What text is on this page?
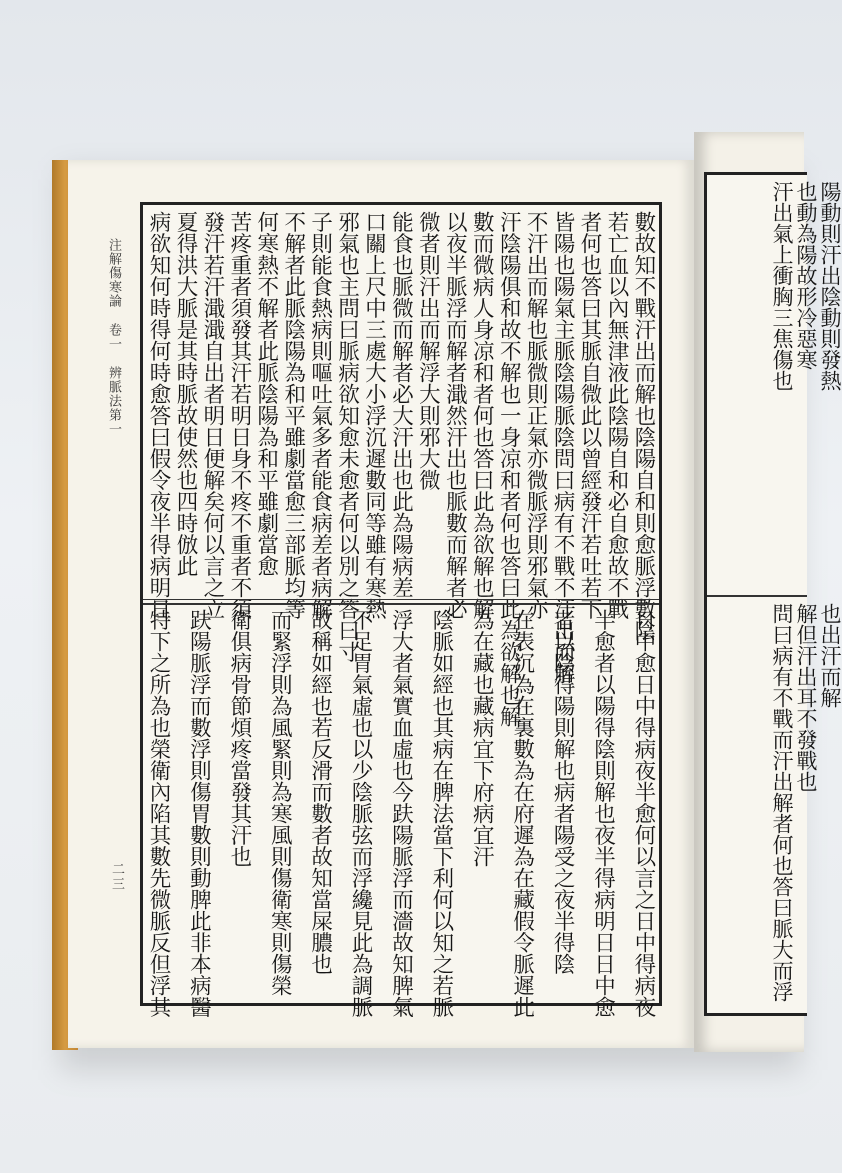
注解傷寒論 卷一 辨脈法第一
二三
數故知不戰汗出而解也陰陽自和則愈脈浮數陰
若亡血以內無津液此陰陽自和必自愈故不戰
者何也答曰其脈自微此以曾經發汗若吐若下
皆陽也陽氣主脈陰陽脈陰問曰病有不戰不汗出而解
不汗出而解也脈微則正氣亦微脈浮則邪氣亦
汗陰陽俱和故不解也一身凉和者何也答曰此為欲解也解
數而微病人身凉和者何也答曰此為欲解也解
以夜半脈浮而解者濈然汗出也脈數而解者必
微者則汗出而解浮大則邪大微
能食也脈微而解者必大汗出也此為陽病差
口關上尺中三處大小浮沉遲數同等雖有寒熱
邪氣也主問曰脈病欲知愈未愈者何以別之答曰寸
子則能食熱病則嘔吐氣多者能食病差者病解
不解者此脈陰陽為和平雖劇當愈三部脈均等
何寒熱不解者此脈陰陽為和平雖劇當愈
苦疼重者須發其汗若明日身不疼不重者不須
發汗若汗濈濈自出者明日便解矣何以言之立
夏得洪大脈是其時脈故使然也四時倣此
病欲知何時得何時愈答曰假令夜半得病明日
日中愈日中得病夜半愈何以言之日中得病夜
半愈者以陽得陰則解也夜半得病明日日中愈
者以陰得陽則解也病者陽受之夜半得陰
在表沉為在裏數為在府遲為在藏假令脈遲此
為在藏也藏病宜下府病宜汗
陰脈如經也其病在脾法當下利何以知之若脈
浮大者氣實血虛也今趺陽脈浮而濇故知脾氣
不足胃氣虛也以少陰脈弦而浮纔見此為調脈
故稱如經也若反滑而數者故知當屎膿也
而緊浮則為風緊則為寒風則傷衛寒則傷榮
衛俱病骨節煩疼當發其汗也
趺陽脈浮而數浮則傷胃數則動脾此非本病醫
特下之所為也榮衛內陷其數先微脈反但浮其
陽動則汗出陰動則發熱
也動為陽故形冷惡寒
汗出氣上衝胸三焦傷也
也出汗而解
解但汗出耳不發戰也
問曰病有不戰而汗出解者何也答曰脈大而浮
